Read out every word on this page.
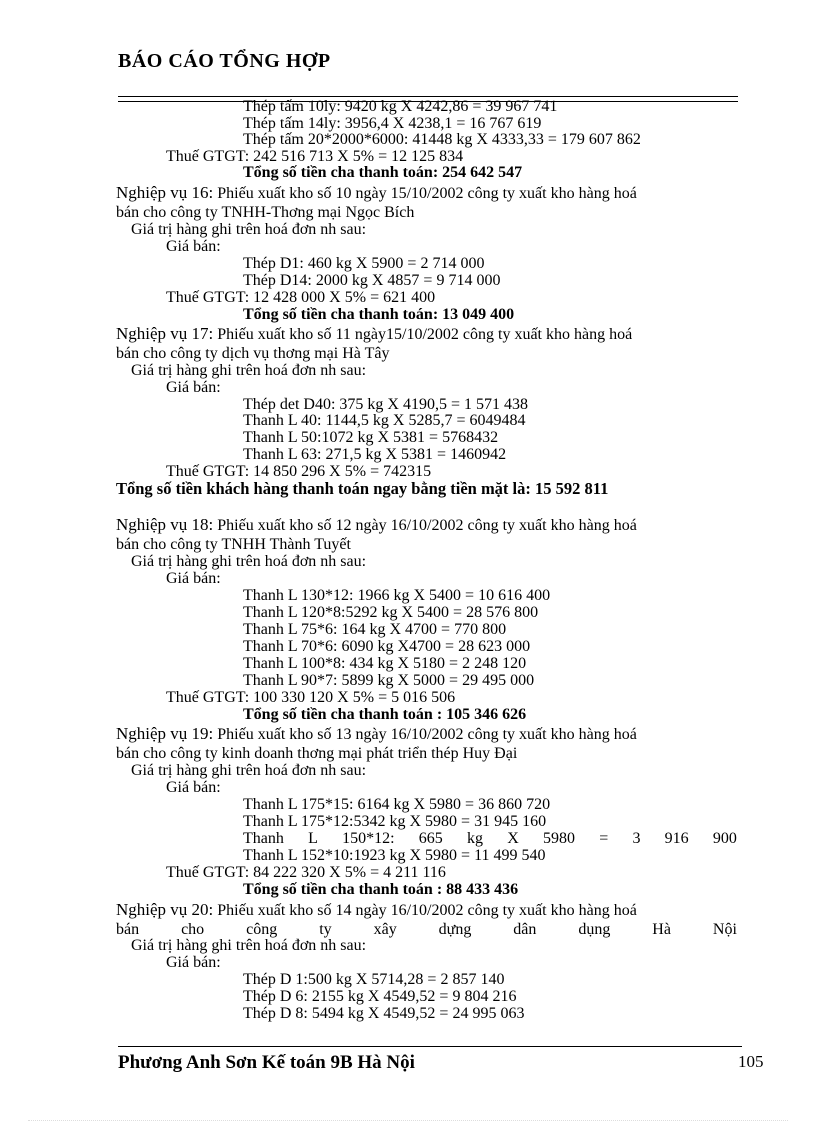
BÁO CÁO TỔNG HỢP
Thép tấm 10ly: 9420 kg X 4242,86 = 39 967 741
Thép tấm 14ly: 3956,4 X 4238,1 = 16 767 619
Thép tấm 20*2000*6000: 41448 kg X 4333,33 = 179 607 862
Thuế GTGT: 242 516 713 X 5% = 12 125 834
Tổng số tiền cha thanh toán: 254 642 547
Nghiệp vụ 16: Phiếu xuất kho số 10 ngày 15/10/2002 công ty xuất kho hàng hoá
bán cho công ty TNHH-Thơng mại Ngọc Bích
Giá trị hàng ghi trên hoá đơn nh sau:
Giá bán:
Thép D1: 460 kg X 5900 = 2 714 000
Thép D14: 2000 kg X 4857 = 9 714 000
Thuế GTGT: 12 428 000 X 5% = 621 400
Tổng số tiền cha thanh toán: 13 049 400
Nghiệp vụ 17: Phiếu xuất kho số 11 ngày15/10/2002 công ty xuất kho hàng hoá
bán cho công ty dịch vụ thơng mại Hà Tây
Giá trị hàng ghi trên hoá đơn nh sau:
Giá bán:
Thép det D40: 375 kg X 4190,5 = 1 571 438
Thanh L 40: 1144,5 kg X 5285,7 = 6049484
Thanh L 50:1072 kg X 5381 = 5768432
Thanh L 63: 271,5 kg X 5381 = 1460942
Thuế GTGT: 14 850 296 X 5% = 742315
Tổng số tiền khách hàng thanh toán ngay bằng tiền mặt là: 15 592 811
Nghiệp vụ 18: Phiếu xuất kho số 12 ngày 16/10/2002 công ty xuất kho hàng hoá
bán cho công ty TNHH Thành Tuyết
Giá trị hàng ghi trên hoá đơn nh sau:
Giá bán:
Thanh L 130*12: 1966 kg X 5400 = 10 616 400
Thanh L 120*8:5292 kg X 5400 = 28 576 800
Thanh L 75*6: 164 kg X 4700 = 770 800
Thanh L 70*6: 6090 kg X4700 = 28 623 000
Thanh L 100*8: 434 kg X 5180 = 2 248 120
Thanh L 90*7: 5899 kg X 5000 = 29 495 000
Thuế GTGT: 100 330 120 X 5% = 5 016 506
Tổng số tiền cha thanh toán : 105 346 626
Nghiệp vụ 19: Phiếu xuất kho số 13 ngày 16/10/2002 công ty xuất kho hàng hoá
bán cho công ty kinh doanh thơng mại phát triển thép Huy Đại
Giá trị hàng ghi trên hoá đơn nh sau:
Giá bán:
Thanh L 175*15: 6164 kg X 5980 = 36 860 720
Thanh L 175*12:5342 kg X 5980 = 31 945 160
Thanh L 150*12: 665 kg X 5980 = 3 916 900
Thanh L 152*10:1923 kg X 5980 = 11 499 540
Thuế GTGT: 84 222 320 X 5% = 4 211 116
Tổng số tiền cha thanh toán : 88 433 436
Nghiệp vụ 20: Phiếu xuất kho số 14 ngày 16/10/2002 công ty xuất kho hàng hoá
bán	cho	công	ty	xây	dựng	dân	dụng	Hà	Nội
Giá trị hàng ghi trên hoá đơn nh sau:
Giá bán:
Thép D 1:500 kg X 5714,28 = 2 857 140
Thép D 6: 2155 kg X 4549,52 = 9 804 216
Thép D 8: 5494 kg X 4549,52 = 24 995 063
Phương Anh Sơn Kế toán 9B Hà Nội	105
